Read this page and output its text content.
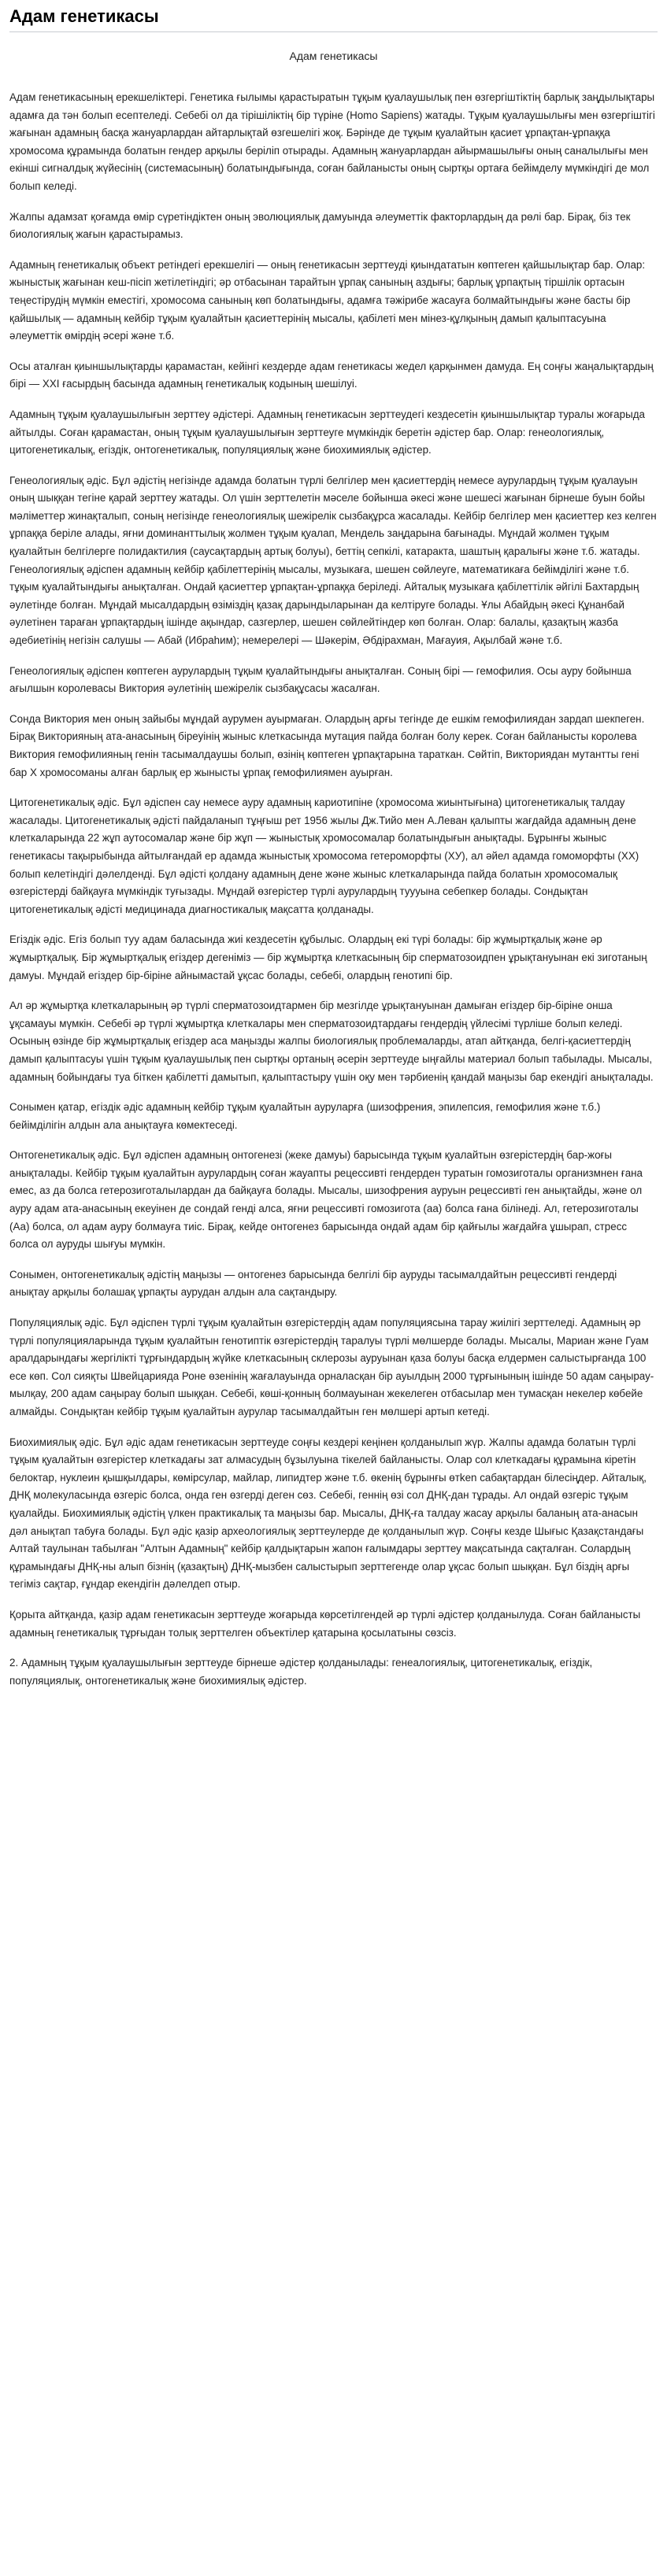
Адам генетикасы
Адам генетикасы

Адам генетикасының ерекшеліктері. Генетика ғылымы қарастыратын тұқым қуалаушылық пен өзгергіштіктің барлық заңдылықтары адамға да тән болып есептеледі. Себебі ол да тірішіліктің бір түріне (Homo Sapiens) жатады. Тұқым қуалаушылығы мен өзгергіштігі жағынан адамның басқа жануарлардан айтарлықтай өзгешелігі жоқ. Бәрінде де тұқым қуалайтын қасиет ұрпақтан-ұрпаққа хромосома құрамында болатын гендер арқылы беріліп отырады. Адамның жануарлардан айырмашылығы оның саналылығы мен екінші сигналдық жүйесінің (системасының) болатындығында, соған байланысты оның сыртқы ортаға бейімделу мүмкіндігі де мол болып келеді.

Жалпы адамзат қоғамда өмір сүретіндіктен оның эволюциялық дамуында әлеуметтік факторлардың да рөлі бар. Бірақ, біз тек биологиялық жағын қарастырамыз.

Адамның генетикалық объект ретіндегі ерекшелігі — оның генетикасын зерттеуді қиындататын көптеген қайшылықтар бар. Олар: жыныстық жағынан кеш-пісіп жетілетіндігі; әр отбасынан тарайтын ұрпақ санының аздығы; барлық ұрпақтың тіршілік ортасын теңестірудің мүмкін еместігі, хромосома санының көп болатындығы, адамға тәжірибе жасауға болмайтындығы және басты бір қайшылық — адамның кейбір тұқым қуалайтын қасиеттерінің мысалы, қабілеті мен мінез-құлқының дамып қалыптасуына әлеуметтік өмірдің әсері және т.б.

Осы аталған қиыншылықтарды қарамастан, кейінгі кездерде адам генетикасы жедел қарқынмен дамуда. Ең соңғы жаңалықтардың бірі — XXI ғасырдың басында адамның генетикалық кодының шешілуі.

Адамның тұқым қуалаушылығын зерттеу әдістері. Адамның генетикасын зерттеудегі кездесетін қиыншылықтар туралы жоғарыда айтылды. Соған қарамастан, оның тұқым қуалаушылығын зерттеуге мүмкіндік беретін әдістер бар. Олар: генеологиялық, цитогенетикалық, егіздік, онтогенетикалық, популяциялық және биохимиялық әдістер.

Генеологиялық әдіс. Бұл әдістің негізінде адамда болатын түрлі белгілер мен қасиеттердің немесе аурулардың тұқым қуалауын оның шыққан тегіне қарай зерттеу жатады. Ол үшін зерттелетін мәселе бойынша әкесі және шешесі жағынан бірнеше буын бойы мәліметтер жинақталып, соның негізінде генеологиялық шежірелік сызбақұрса жасалады. Кейбір белгілер мен қасиеттер кез келген ұрпаққа беріле алады, яғни доминанттылық жолмен тұқым қуалап, Мендель заңдарына бағынады. Мұндай жолмен тұқым қуалайтын белгілерге полидактилия (саусақтардың артық болуы), беттің сепкілі, катаракта, шаштың қаралығы және т.б. жатады. Генеологиялық әдіспен адамның кейбір қабілеттерінің мысалы, музыкаға, шешен сөйлеуге, математикаға бейімділігі және т.б. тұқым қуалайтындығы анықталған. Ондай қасиеттер ұрпақтан-ұрпаққа беріледі. Айталық музыкаға қабілеттілік әйгілі Бахтардың әулетінде болған. Мұндай мысалдардың өзіміздің қазақ дарындыларынан да келтіруге болады. Ұлы Абайдың әкесі Құнанбай әулетінен тараған ұрпақтардың ішінде ақындар, сазгерлер, шешен сөйлейтіндер көп болған. Олар: балалы, қазақтың жазба әдебиетінің негізін салушы — Абай (Ибраһим); немерелері — Шәкерім, Әбдірахман, Мағауия, Ақылбай және т.б.

Генеологиялық әдіспен көптеген аурулардың тұқым қуалайтындығы анықталған. Соның бірі — гемофилия. Осы ауру бойынша ағылшын королевасы Виктория әулетінің шежірелік сызбақұсасы жасалған.

Сонда Виктория мен оның зайыбы мұндай аурумен ауырмаған. Олардың арғы тегінде де ешкім гемофилиядан зардап шекпеген. Бірақ Викторияның ата-анасының біреуінің жыныс клеткасында мутация пайда болған болу керек. Соған байланысты королева Виктория гемофилияның генін тасымалдаушы болып, өзінің көптеген ұрпақтарына тараткан. Сөйтіп, Викториядан мутантты гені бар Х хромосоманы алған барлық ер жынысты ұрпақ гемофилиямен ауырған.

Цитогенетикалық әдіс. Бұл әдіспен сау немесе ауру адамның кариотипіне (хромосома жиынтығына) цитогенетикалық талдау жасалады. Цитогенетикалық әдісті пайдаланып тұңғыш рет 1956 жылы Дж.Тийо мен А.Леван қалыпты жағдайда адамның дене клеткаларында 22 жұп аутосомалар және бір жұп — жыныстық хромосомалар болатындығын анықтады. Бұрынғы жыныс генетикасы тақырыбында айтылғандай ер адамда жыныстық хромосома гетероморфты (ХУ), ал әйел адамда гомоморфты (ХХ) болып келетіндігі дәлелденді. Бұл әдісті қолдану адамның дене және жыныс клеткаларында пайда болатын хромосомалық өзгерістерді байқауға мүмкіндік туғызады. Мұндай өзгерістер түрлі аурулардың туууына себепкер болады. Сондықтан цитогенетикалық әдісті медицинада диагностикалық мақсатта қолданады.

Егіздік әдіс. Егіз болып туу адам баласында жиі кездесетін құбылыс. Олардың екі түрі болады: бір жұмыртқалық және әр жұмыртқалық. Бір жұмыртқалық егіздер дегеніміз — бір жұмыртқа клеткасының бір сперматозоидпен ұрықтануынан екі зиготаның дамуы. Мұндай егіздер бір-біріне айнымастай ұқсас болады, себебі, олардың генотипі бір.

Ал әр жұмыртқа клеткаларының әр түрлі сперматозоидтармен бір мезгілде ұрықтануынан дамыған егіздер бір-біріне онша ұқсамауы мүмкін. Себебі әр түрлі жұмыртқа клеткалары мен сперматозоидтардағы гендердің үйлесімі түрліше болып келеді. Осының өзінде бір жұмыртқалық егіздер аса маңызды жалпы биологиялық проблемаларды, атап айтқанда, белгі-қасиеттердің дамып қалыптасуы үшін тұқым қуалаушылық пен сыртқы ортаның әсерін зерттеуде ыңғайлы материал болып табылады. Мысалы, адамның бойындағы туа біткен қабілетті дамытып, қалыптастыру үшін оқу мен тәрбиенің қандай маңызы бар екендігі анықталады.

Сонымен қатар, егіздік әдіс адамның кейбір тұқым қуалайтын ауруларға (шизофрения, эпилепсия, гемофилия және т.б.) бейімділігін алдын ала анықтауға көмектеседі.

Онтогенетикалық әдіс. Бұл әдіспен адамның онтогенезі (жеке дамуы) барысында тұқым қуалайтын өзгерістердің бар-жоғы анықталады. Кейбір тұқым қуалайтын аурулардың соған жауапты рецессивті гендерден туратын гомозиготалы организмнен ғана емес, аз да болса гетерозиготалылардан да байқауға болады. Мысалы, шизофрения ауруын рецессивті ген анықтайды, және ол ауру адам ата-анасының екеуінен де сондай гендi алса, яғни рецессивті гомозигота (аа) болса ғана білінеді. Ал, гетерозиготалы (Аа) болса, ол адам ауру болмауға тиіс. Бірақ, кейде онтогенез барысында ондай адам бір қайғылы жағдайға ұшырап, стресс болса ол ауруды шығуы мүмкін.

Сонымен, онтогенетикалық әдістің маңызы — онтогенез барысында белгілі бір ауруды тасымалдайтын рецессивті гендерді анықтау арқылы болашақ ұрпақты аурудан алдын ала сақтандыру.

Популяциялық әдіс. Бұл әдіспен түрлі тұқым қуалайтын өзгерістердің адам популяциясына тарау жиілігі зерттеледі. Адамның әр түрлі популяцияларында тұқым қуалайтын генотиптік өзгерістердің таралуы түрлі мөлшерде болады. Мысалы, Мариан және Гуам аралдарындағы жергілікті тұрғындардың жүйке клеткасының склерозы ауруынан қаза болуы басқа елдермен салыстырғанда 100 есе көп. Сол сияқты Швейцарияда Роне өзенінің жағалауында орналасқан бір ауылдың 2000 тұрғынының ішінде 50 адам саңырау-мылқау, 200 адам саңырау болып шыққан. Себебі, көші-қонның болмауынан жекелеген отбасылар мен тумасқан некелер көбейе алмайды. Сондықтан кейбір тұқым қуалайтын аурулар тасымалдайтын ген мөлшері артып кетеді.

Биохимиялық әдіс. Бұл әдіс адам генетикасын зерттеуде соңғы кездері кеңінен қолданылып жүр. Жалпы адамда болатын түрлі тұқым қуалайтын өзгерістер клеткадағы зат алмасудың бұзылуына тікелей байланысты. Олар сол клеткадағы құрамына кіретін белоктар, нуклеин қышқылдары, көмірсулар, майлар, липидтер және т.б. өкенің бұрынғы өтken сабақтардан білесіңдер. Айталық, ДНҚ молекуласында өзгеріс болса, онда ген өзгерді деген сөз. Себебі, геннің өзі сол ДНҚ-дан тұрады. Ал ондай өзгеріс тұқым қуалайды. Биохимиялық әдістің үлкен практикалық та маңызы бар. Мысалы, ДНҚ-ға талдау жасау арқылы баланың ата-анасын дәл анықтап табуға болады. Бұл әдіс қазір археологиялық зерттеулерде де қолданылып жүр. Соңғы кезде Шығыс Қазақстандағы Алтай таулынан табылған "Алтын Адамның" кейбір қалдықтарын жапон ғалымдары зерттеу мақсатында сақталған. Солардың құрамындағы ДНҚ-ны алып бізнің (қазақтың) ДНҚ-мызбен салыстырып зерттегенде олар ұқсас болып шыққан. Бұл біздің арғы тегіміз сақтар, ғұндар екендігін дәлелдеп отыр.

Қорыта айтқанда, қазір адам генетикасын зерттеуде жоғарыда көрсетілгендей әр түрлі әдістер қолданылуда. Соған байланысты адамның генетикалық тұрғыдан толық зерттелген объектілер қатарына қосылатыны сөзсіз.

2. Адамның тұқым қуалаушылығын зерттеуде бірнеше әдістер қолданылады: генеалогиялық, цитогенетикалық, егіздік, популяциялық, онтогенетикалық және биохимиялық әдістер.
